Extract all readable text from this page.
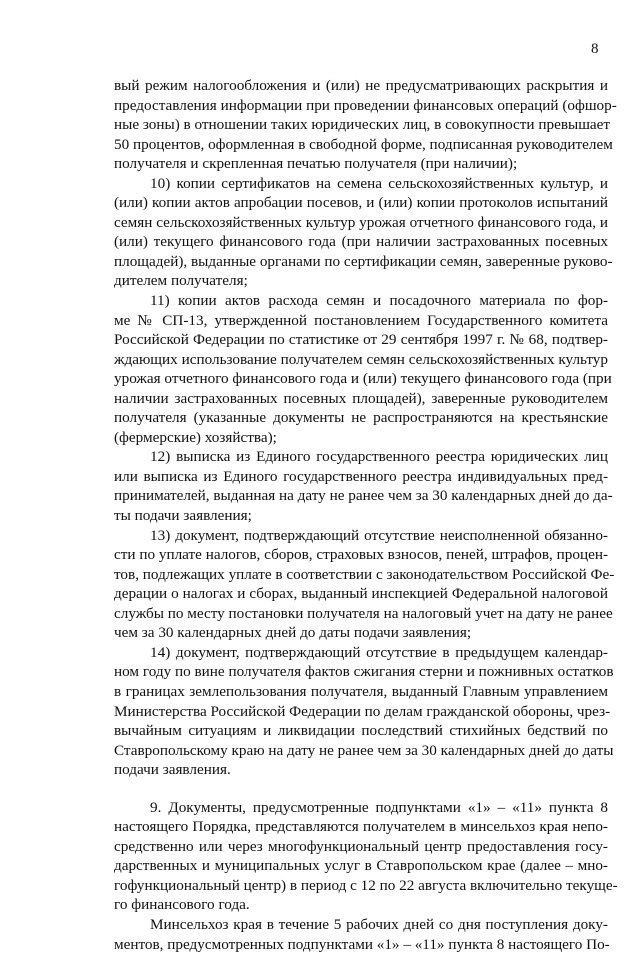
8
вый режим налогообложения и (или) не предусматривающих раскрытия и
предоставления информации при проведении финансовых операций (офшор-
ные зоны) в отношении таких юридических лиц, в совокупности превышает
50 процентов, оформленная в свободной форме, подписанная руководителем
получателя и скрепленная печатью получателя (при наличии);
10) копии сертификатов на семена сельскохозяйственных культур, и
(или) копии актов апробации посевов, и (или) копии протоколов испытаний
семян сельскохозяйственных культур урожая отчетного финансового года, и
(или) текущего финансового года (при наличии застрахованных посевных
площадей), выданные органами по сертификации семян, заверенные руково-
дителем получателя;
11) копии актов расхода семян и посадочного материала по фор-
ме № СП-13, утвержденной постановлением Государственного комитета
Российской Федерации по статистике от 29 сентября 1997 г. № 68, подтвер-
ждающих использование получателем семян сельскохозяйственных культур
урожая отчетного финансового года и (или) текущего финансового года (при
наличии застрахованных посевных площадей), заверенные руководителем
получателя (указанные документы не распространяются на крестьянские
(фермерские) хозяйства);
12) выписка из Единого государственного реестра юридических лиц
или выписка из Единого государственного реестра индивидуальных пред-
принимателей, выданная на дату не ранее чем за 30 календарных дней до да-
ты подачи заявления;
13) документ, подтверждающий отсутствие неисполненной обязанно-
сти по уплате налогов, сборов, страховых взносов, пеней, штрафов, процен-
тов, подлежащих уплате в соответствии с законодательством Российской Фе-
дерации о налогах и сборах, выданный инспекцией Федеральной налоговой
службы по месту постановки получателя на налоговый учет на дату не ранее
чем за 30 календарных дней до даты подачи заявления;
14) документ, подтверждающий отсутствие в предыдущем календар-
ном году по вине получателя фактов сжигания стерни и пожнивных остатков
в границах землепользования получателя, выданный Главным управлением
Министерства Российской Федерации по делам гражданской обороны, чрез-
вычайным ситуациям и ликвидации последствий стихийных бедствий по
Ставропольскому краю на дату не ранее чем за 30 календарных дней до даты
подачи заявления.
9. Документы, предусмотренные подпунктами «1» – «11» пункта 8
настоящего Порядка, представляются получателем в минсельхоз края непо-
средственно или через многофункциональный центр предоставления госу-
дарственных и муниципальных услуг в Ставропольском крае (далее – мно-
гофункциональный центр) в период с 12 по 22 августа включительно текуще-
го финансового года.
Минсельхоз края в течение 5 рабочих дней со дня поступления доку-
ментов, предусмотренных подпунктами «1» – «11» пункта 8 настоящего По-
